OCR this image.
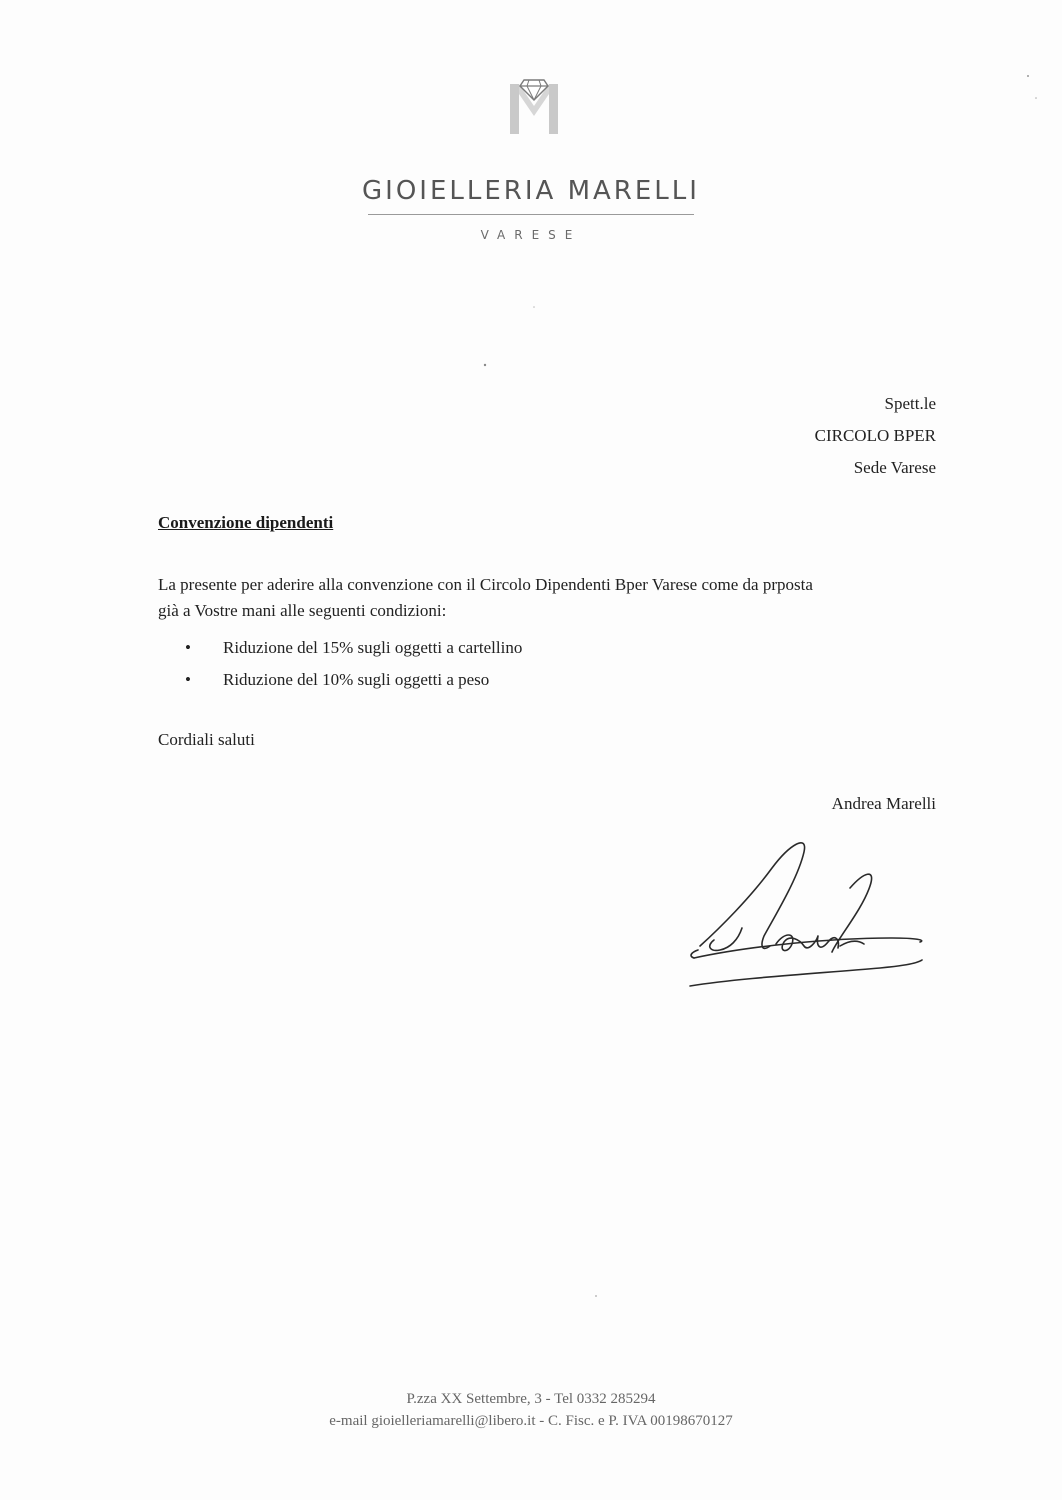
GIOIELLERIA MARELLI
VARESE
Spett.le
CIRCOLO BPER
Sede Varese
Convenzione dipendenti
La presente per aderire alla convenzione con il Circolo Dipendenti Bper Varese come da prposta
già a Vostre mani alle seguenti condizioni:
• Riduzione del 15% sugli oggetti a cartellino
• Riduzione del 10% sugli oggetti a peso
Cordiali saluti
Andrea Marelli
P.zza XX Settembre, 3 - Tel 0332 285294
e-mail gioielleriamarelli@libero.it - C. Fisc. e P. IVA 00198670127
